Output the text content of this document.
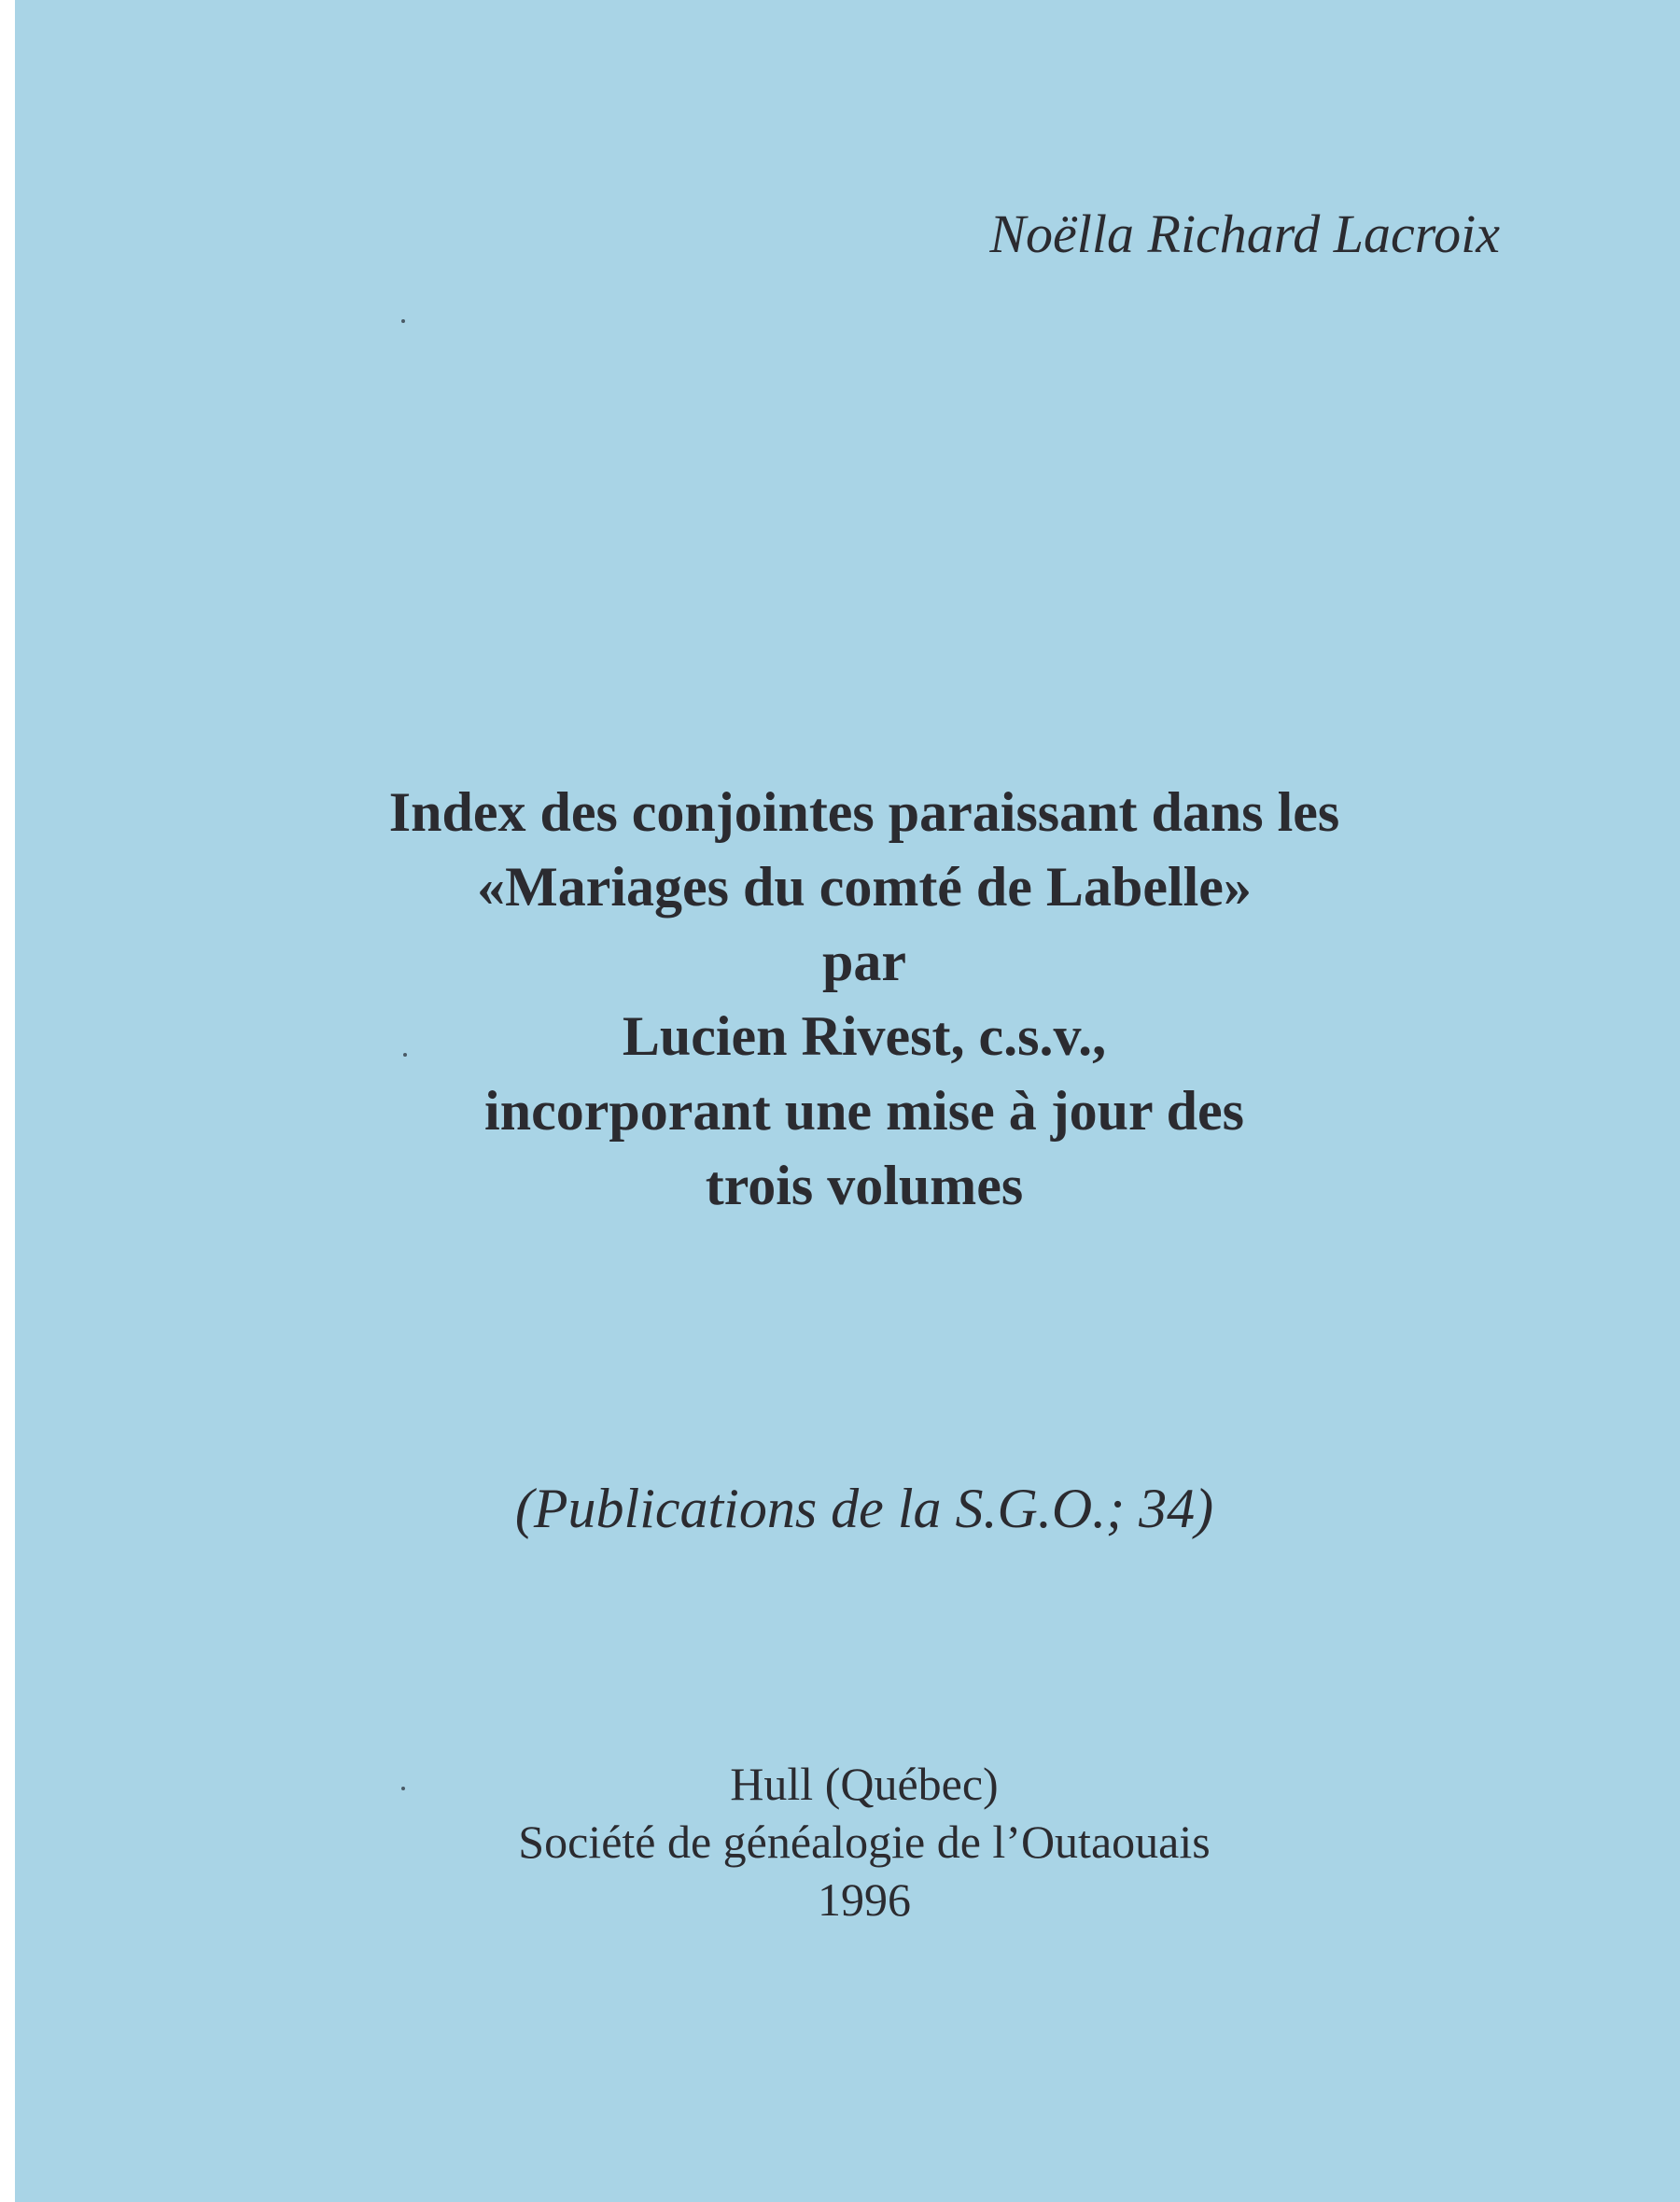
Noëlla Richard Lacroix
Index des conjointes paraissant dans les
«Mariages du comté de Labelle»
par
Lucien Rivest, c.s.v.,
incorporant une mise à jour des
trois volumes
(Publications de la S.G.O.; 34)
Hull (Québec)
Société de généalogie de l’Outaouais
1996
